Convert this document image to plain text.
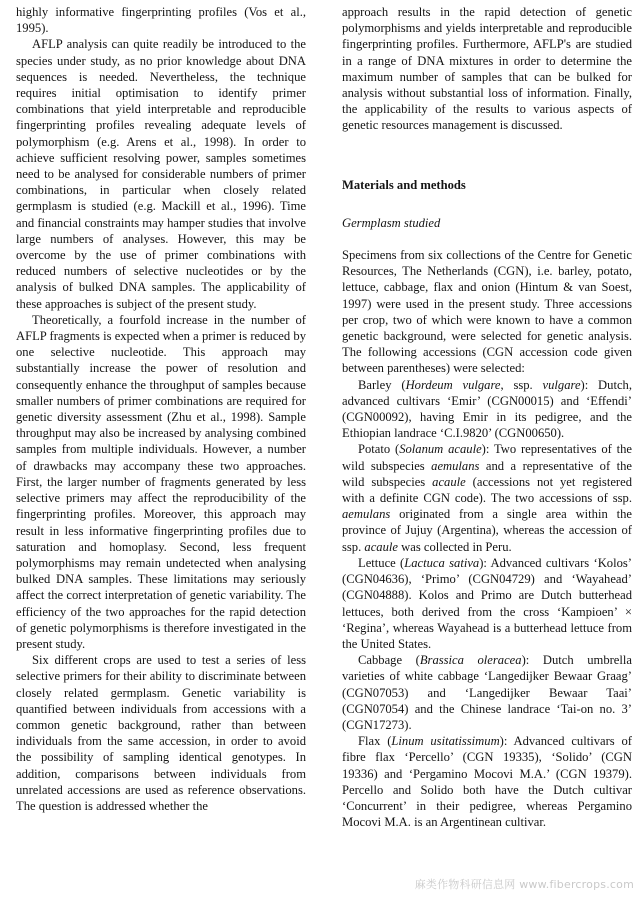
highly informative fingerprinting profiles (Vos et al., 1995).

AFLP analysis can quite readily be introduced to the species under study, as no prior knowledge about DNA sequences is needed. Nevertheless, the technique requires initial optimisation to identify primer combinations that yield interpretable and reproducible fingerprinting profiles revealing adequate levels of polymorphism (e.g. Arens et al., 1998). In order to achieve sufficient resolving power, samples sometimes need to be analysed for considerable numbers of primer combinations, in particular when closely related germplasm is studied (e.g. Mackill et al., 1996). Time and financial constraints may hamper studies that involve large numbers of analyses. However, this may be overcome by the use of primer combinations with reduced numbers of selective nucleotides or by the analysis of bulked DNA samples. The applicability of these approaches is subject of the present study.

Theoretically, a fourfold increase in the number of AFLP fragments is expected when a primer is reduced by one selective nucleotide. This approach may substantially increase the power of resolution and consequently enhance the throughput of samples because smaller numbers of primer combinations are required for genetic diversity assessment (Zhu et al., 1998). Sample throughput may also be increased by analysing combined samples from multiple individuals. However, a number of drawbacks may accompany these two approaches. First, the larger number of fragments generated by less selective primers may affect the reproducibility of the fingerprinting profiles. Moreover, this approach may result in less informative fingerprinting profiles due to saturation and homoplasy. Second, less frequent polymorphisms may remain undetected when analysing bulked DNA samples. These limitations may seriously affect the correct interpretation of genetic variability. The efficiency of the two approaches for the rapid detection of genetic polymorphisms is therefore investigated in the present study.

Six different crops are used to test a series of less selective primers for their ability to discriminate between closely related germplasm. Genetic variability is quantified between individuals from accessions with a common genetic background, rather than between individuals from the same accession, in order to avoid the possibility of sampling identical genotypes. In addition, comparisons between individuals from unrelated accessions are used as reference observations. The question is addressed whether the

approach results in the rapid detection of genetic polymorphisms and yields interpretable and reproducible fingerprinting profiles. Furthermore, AFLP's are studied in a range of DNA mixtures in order to determine the maximum number of samples that can be bulked for analysis without substantial loss of information. Finally, the applicability of the results to various aspects of genetic resources management is discussed.

Materials and methods

Germplasm studied

Specimens from six collections of the Centre for Genetic Resources, The Netherlands (CGN), i.e. barley, potato, lettuce, cabbage, flax and onion (Hintum & van Soest, 1997) were used in the present study. Three accessions per crop, two of which were known to have a common genetic background, were selected for genetic analysis. The following accessions (CGN accession code given between parentheses) were selected:

Barley (Hordeum vulgare, ssp. vulgare): Dutch, advanced cultivars ‘Emir’ (CGN00015) and ‘Effendi’ (CGN00092), having Emir in its pedigree, and the Ethiopian landrace ‘C.I.9820’ (CGN00650).

Potato (Solanum acaule): Two representatives of the wild subspecies aemulans and a representative of the wild subspecies acaule (accessions not yet registered with a definite CGN code). The two accessions of ssp. aemulans originated from a single area within the province of Jujuy (Argentina), whereas the accession of ssp. acaule was collected in Peru.

Lettuce (Lactuca sativa): Advanced cultivars ‘Kolos’ (CGN04636), ‘Primo’ (CGN04729) and ‘Wayahead’ (CGN04888). Kolos and Primo are Dutch butterhead lettuces, both derived from the cross ‘Kampioen’ × ‘Regina’, whereas Wayahead is a butterhead lettuce from the United States.

Cabbage (Brassica oleracea): Dutch umbrella varieties of white cabbage ‘Langedijker Bewaar Graag’ (CGN07053) and ‘Langedijker Bewaar Taai’ (CGN07054) and the Chinese landrace ‘Tai-on no. 3’ (CGN17273).

Flax (Linum usitatissimum): Advanced cultivars of fibre flax ‘Percello’ (CGN 19335), ‘Solido’ (CGN 19336) and ‘Pergamino Mocovi M.A.’ (CGN 19379). Percello and Solido both have the Dutch cultivar ‘Concurrent’ in their pedigree, whereas Pergamino Mocovi M.A. is an Argentinean cultivar.

麻类作物科研信息网 www.fibercrops.com
